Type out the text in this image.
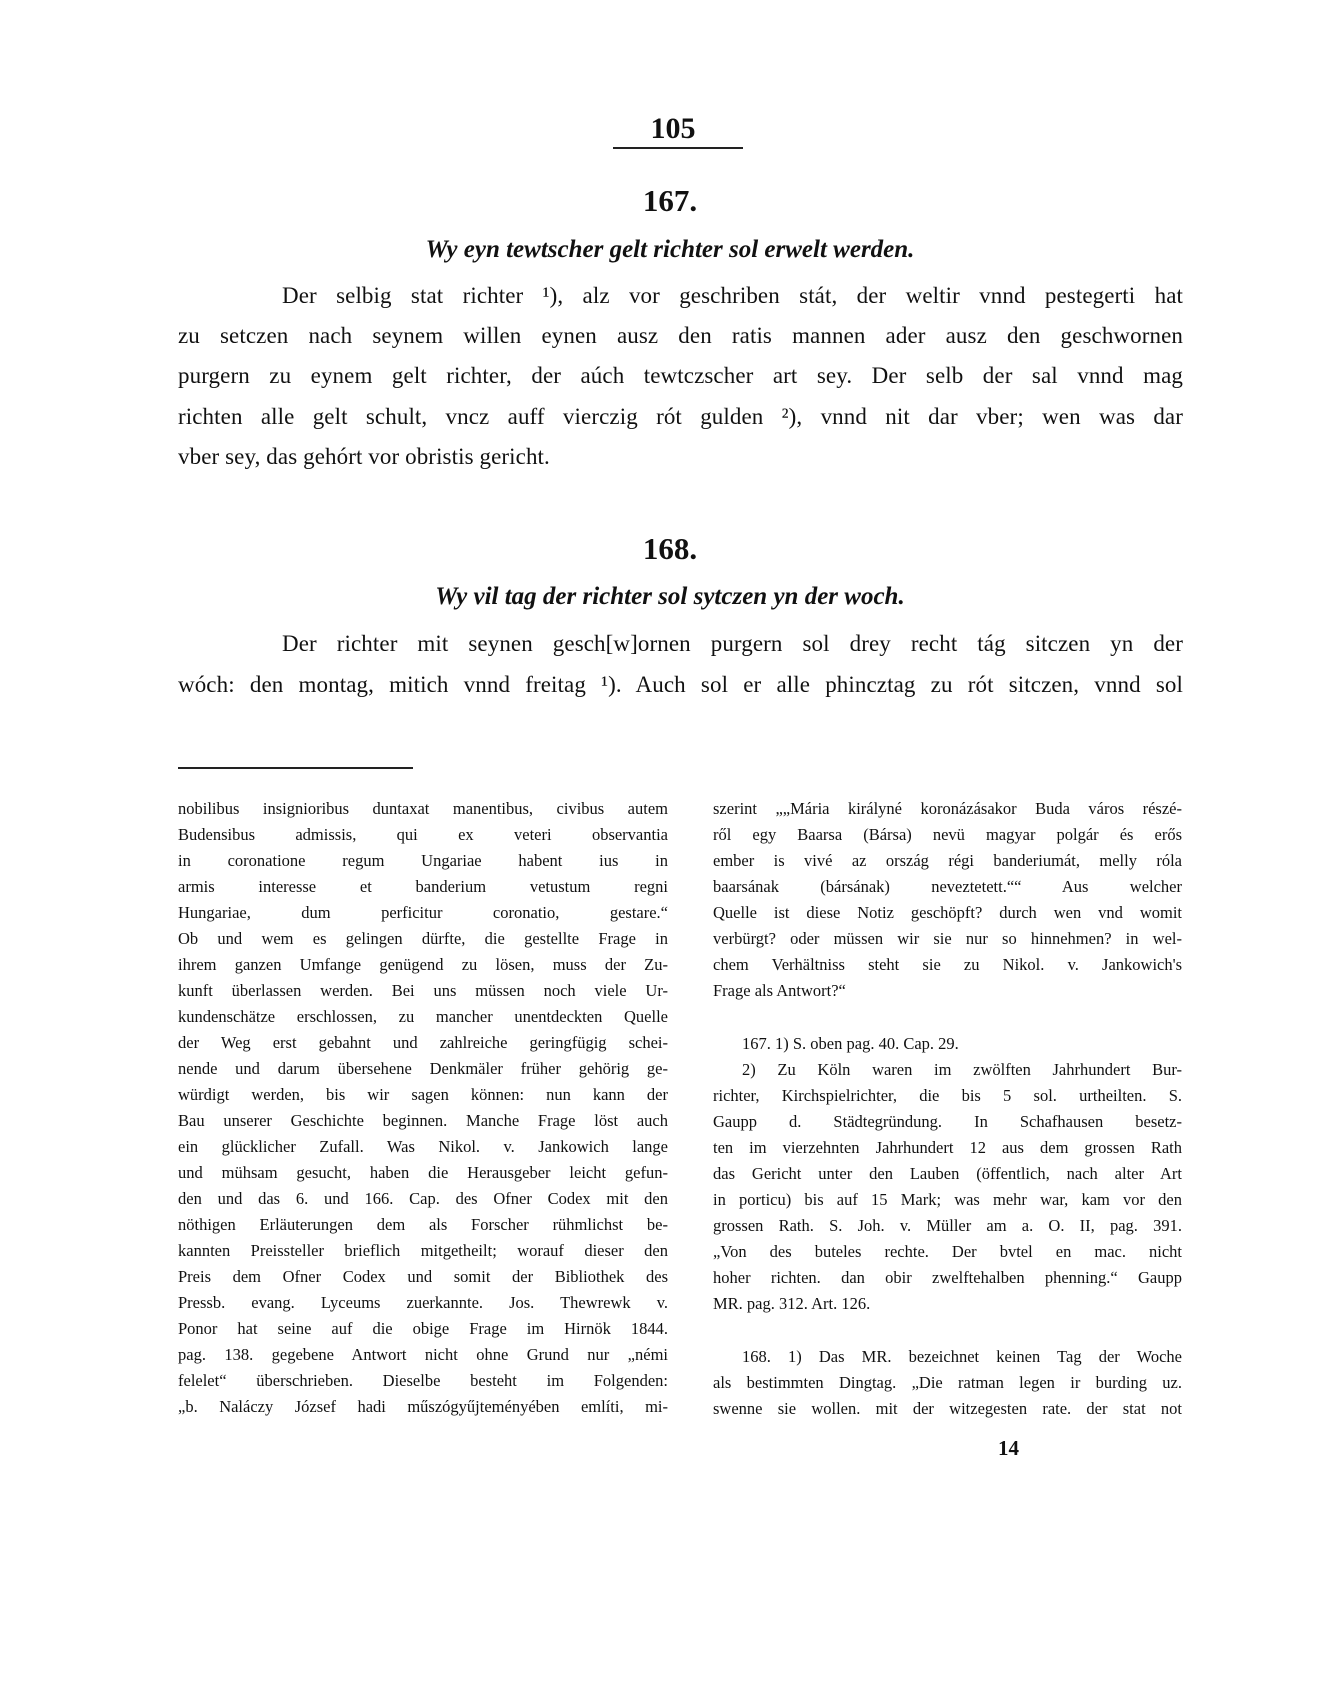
105
167.
Wy eyn tewtscher gelt richter sol erwelt werden.
Der selbig stat richter ¹), alz vor geschriben stát, der weltir vnnd pestegerti hat
zu setczen nach seynem willen eynen ausz den ratis mannen ader ausz den geschwornen
purgern zu eynem gelt richter, der aúch tewtczscher art sey. Der selb der sal vnnd mag
richten alle gelt schult, vncz auff vierczig rót gulden ²), vnnd nit dar vber; wen was dar
vber sey, das gehórt vor obristis gericht.
168.
Wy vil tag der richter sol sytczen yn der woch.
Der richter mit seynen gesch[w]ornen purgern sol drey recht tág sitczen yn der
wóch: den montag, mitich vnnd freitag ¹). Auch sol er alle phincztag zu rót sitczen, vnnd sol
nobilibus insignioribus duntaxat manentibus, civibus autem
Budensibus admissis, qui ex veteri observantia
in coronatione regum Ungariae habent ius in
armis interesse et banderium vetustum regni
Hungariae, dum perficitur coronatio, gestare.“
Ob und wem es gelingen dürfte, die gestellte Frage in
ihrem ganzen Umfange genügend zu lösen, muss der Zu-
kunft überlassen werden. Bei uns müssen noch viele Ur-
kundenschätze erschlossen, zu mancher unentdeckten Quelle
der Weg erst gebahnt und zahlreiche geringfügig schei-
nende und darum übersehene Denkmäler früher gehörig ge-
würdigt werden, bis wir sagen können: nun kann der
Bau unserer Geschichte beginnen. Manche Frage löst auch
ein glücklicher Zufall. Was Nikol. v. Jankowich lange
und mühsam gesucht, haben die Herausgeber leicht gefun-
den und das 6. und 166. Cap. des Ofner Codex mit den
nöthigen Erläuterungen dem als Forscher rühmlichst be-
kannten Preissteller brieflich mitgetheilt; worauf dieser den
Preis dem Ofner Codex und somit der Bibliothek des
Pressb. evang. Lyceums zuerkannte. Jos. Thewrewk v.
Ponor hat seine auf die obige Frage im Hirnök 1844.
pag. 138. gegebene Antwort nicht ohne Grund nur „némi
felelet“ überschrieben. Dieselbe besteht im Folgenden:
„b. Naláczy József hadi műszógyűjteményében említi, mi-
szerint „„Mária királyné koronázásakor Buda város részé-
ről egy Baarsa (Bársa) nevü magyar polgár és erős
ember is vivé az ország régi banderiumát, melly róla
baarsának (bársának) neveztetett.““ Aus welcher
Quelle ist diese Notiz geschöpft? durch wen vnd womit
verbürgt? oder müssen wir sie nur so hinnehmen? in wel-
chem Verhältniss steht sie zu Nikol. v. Jankowich's
Frage als Antwort?“
167. 1) S. oben pag. 40. Cap. 29.
2) Zu Köln waren im zwölften Jahrhundert Bur-
richter, Kirchspielrichter, die bis 5 sol. urtheilten. S.
Gaupp d. Städtegründung. In Schafhausen besetz-
ten im vierzehnten Jahrhundert 12 aus dem grossen Rath
das Gericht unter den Lauben (öffentlich, nach alter Art
in porticu) bis auf 15 Mark; was mehr war, kam vor den
grossen Rath. S. Joh. v. Müller am a. O. II, pag. 391.
„Von des buteles rechte. Der bvtel en mac. nicht
hoher richten. dan obir zwelftehalben phenning.“ Gaupp
MR. pag. 312. Art. 126.
168. 1) Das MR. bezeichnet keinen Tag der Woche
als bestimmten Dingtag. „Die ratman legen ir burding uz.
swenne sie wollen. mit der witzegesten rate. der stat not
14
